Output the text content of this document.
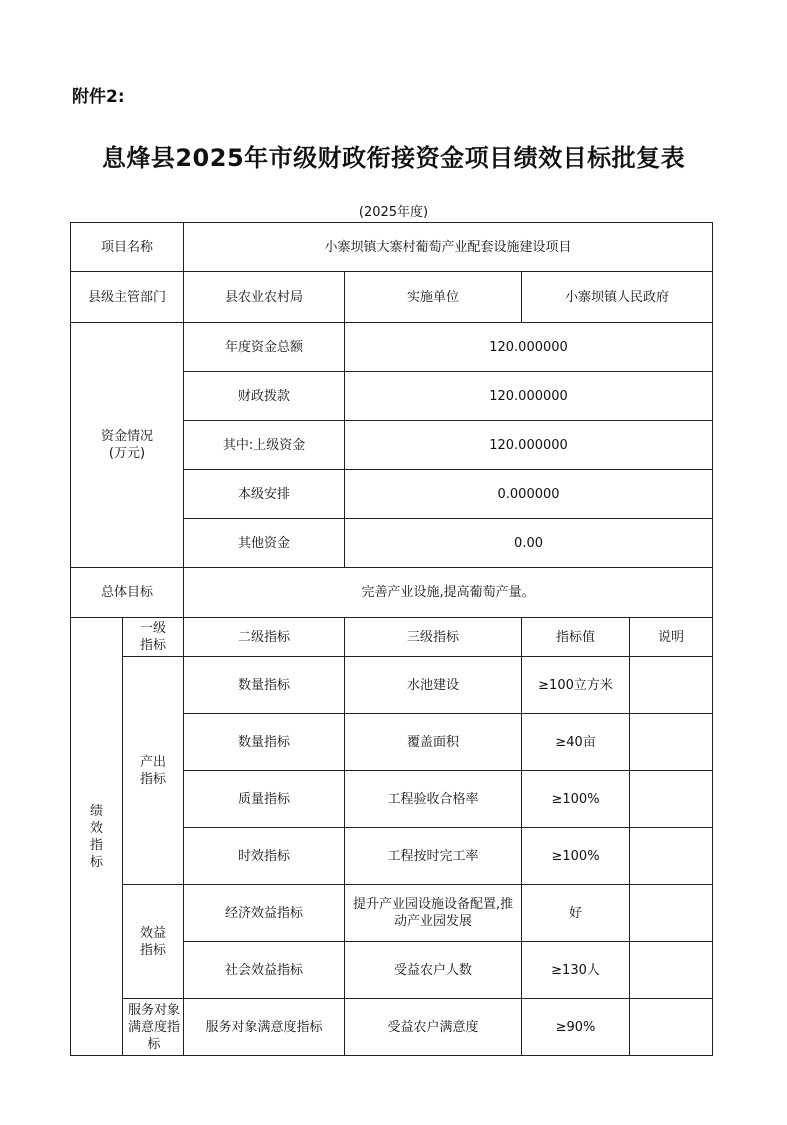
附件2:
息烽县2025年市级财政衔接资金项目绩效目标批复表
(2025年度)
项目名称		小寨坝镇大寨村葡萄产业配套设施建设项目			
县级主管部门		县农业农村局	实施单位	小寨坝镇人民政府	

资金情况
(万元)		年度资金总额	120.000000		
		财政拨款	120.000000		
		其中:上级资金	120.000000		
		本级安排	0.000000		
		其他资金	0.00		
总体目标		完善产业设施,提高葡萄产量。			

绩效指标	一级指标	二级指标	三级指标	指标值	说明

	产出指标	数量指标	水池建设	≥100立方米	
		数量指标	覆盖面积	≥40亩	
		质量指标	工程验收合格率	≥100%	
		时效指标	工程按时完工率	≥100%	

	效益指标	经济效益指标	提升产业园设施设备配置,推动产业园发展	好	
		社会效益指标	受益农户人数	≥130人	

	服务对象满意度指标	服务对象满意度指标	受益农户满意度	≥90%	
